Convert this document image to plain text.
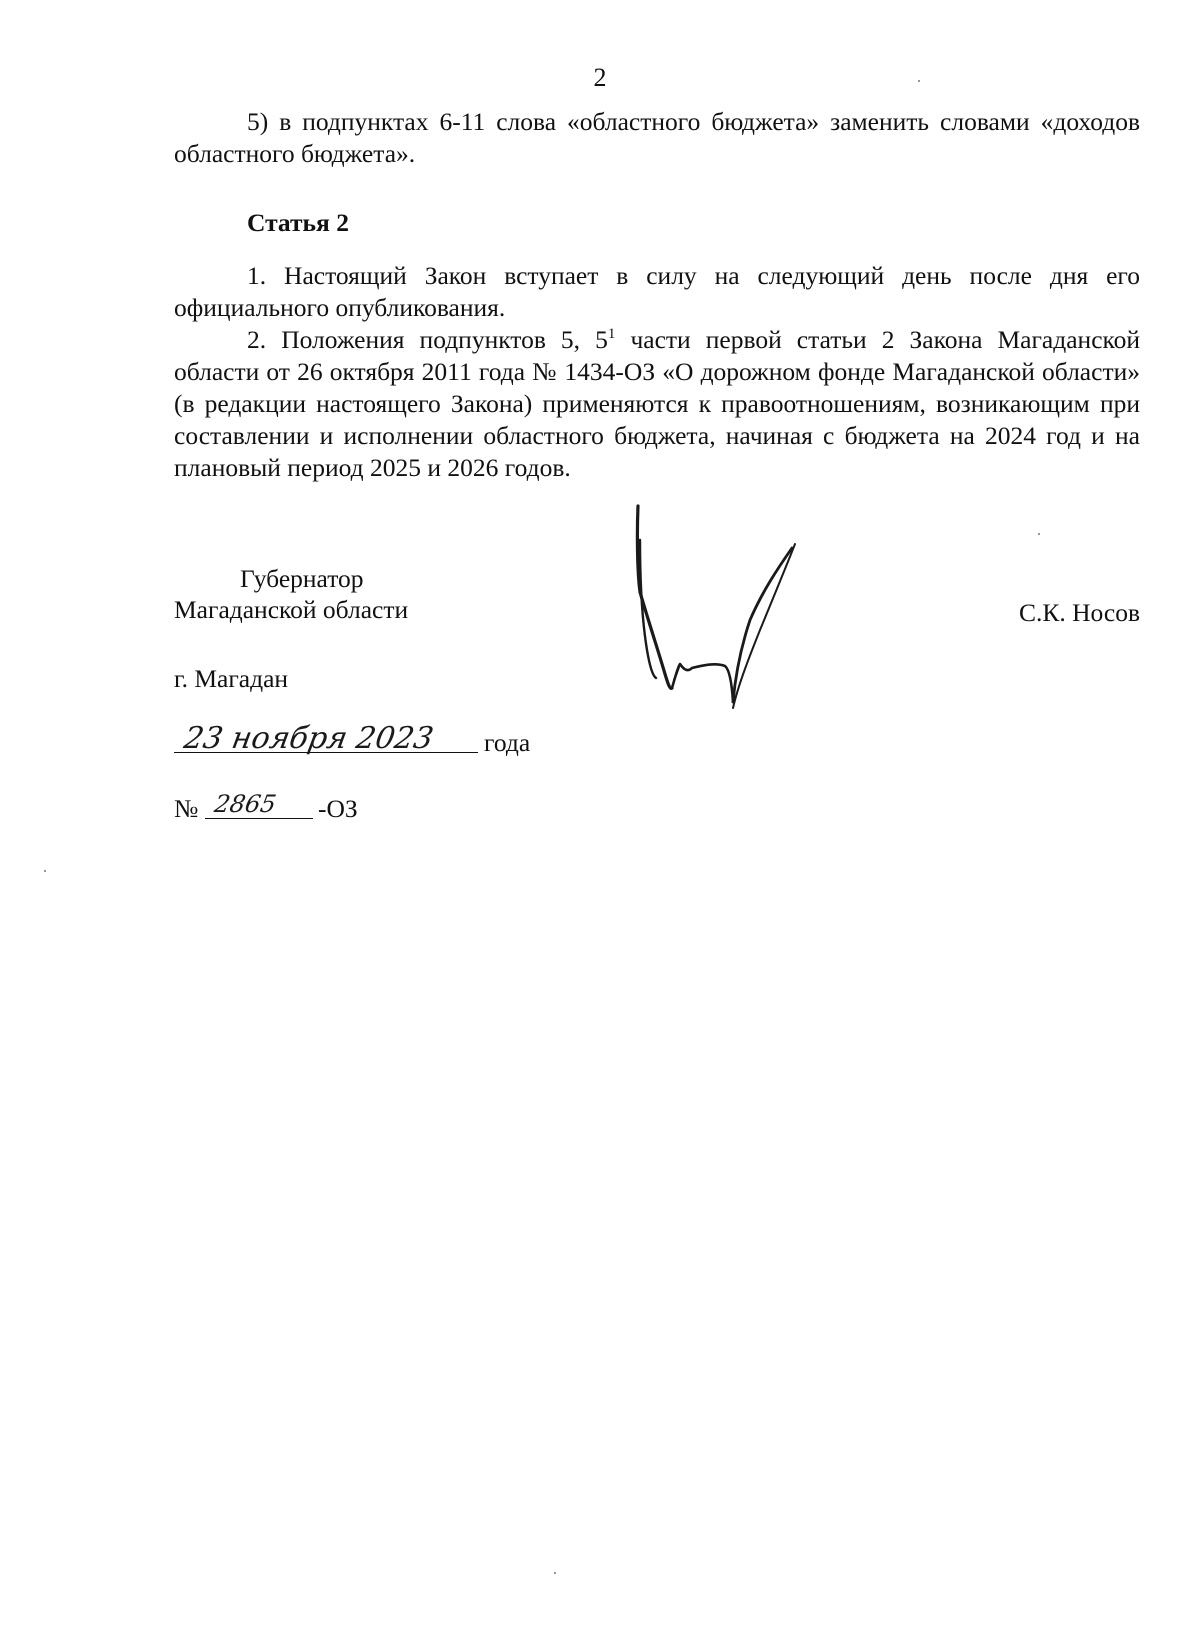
2

5) в подпунктах 6-11 слова «областного бюджета» заменить словами «доходов областного бюджета».

Статья 2

1. Настоящий Закон вступает в силу на следующий день после дня его официального опубликования.

2. Положения подпунктов 5, $5^1$ части первой статьи 2 Закона Магаданской области от 26 октября 2011 года № 1434-ОЗ «О дорожном фонде Магаданской области» (в редакции настоящего Закона) применяются к правоотношениям, возникающим при составлении и исполнении областного бюджета, начиная с бюджета на 2024 год и на плановый период 2025 и 2026 годов.

Губернатор
Магаданской области	С.К. Носов
г. Магадан
23 ноября 2023 года
№ 2865 -ОЗ
